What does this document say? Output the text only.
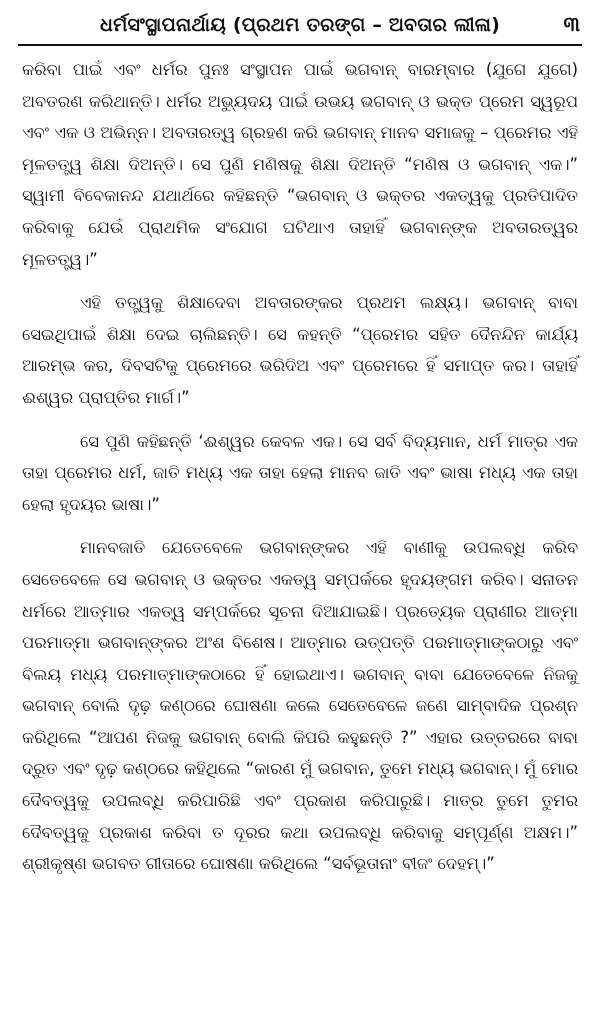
ଧର୍ମସଂସ୍ଥାପନାର୍ଥାୟ (ପ୍ରଥମ ତରଙ୍ଗ – ଅବତାର ଲୀଳା)	୩

କରିବା ପାଇଁ ଏବଂ ଧର୍ମର ପୁନଃ ସଂସ୍ଥାପନ ପାଇଁ ଭଗବାନ୍ ବାରମ୍ବାର (ଯୁଗେ ଯୁଗେ) ଅବତରଣ କରିଥାନ୍ତି। ଧର୍ମର ଅଭ୍ୟୁଦୟ ପାଇଁ ଉଭୟ ଭଗବାନ୍ ଓ ଭକ୍ତ ପ୍ରେମ ସ୍ୱରୂପ ଏବଂ ଏକ ଓ ଅଭିନ୍ନ। ଅବତାରତ୍ୱ ଗ୍ରହଣ କରି ଭଗବାନ୍ ମାନବ ସମାଜକୁ – ପ୍ରେମର ଏହି ମୂଳତତ୍ତ୍ୱ ଶିକ୍ଷା ଦିଅନ୍ତି। ସେ ପୁଣି ମଣିଷକୁ ଶିକ୍ଷା ଦିଅନ୍ତି “ମଣିଷ ଓ ଭଗବାନ୍ ଏକ।” ସ୍ୱାମୀ ବିବେକାନନ୍ଦ ଯଥାର୍ଥରେ କହିଛନ୍ତି “ଭଗବାନ୍ ଓ ଭକ୍ତର ଏକତ୍ୱକୁ ପ୍ରତିପାଦିତ କରିବାକୁ ଯେଉଁ ପ୍ରାଥମିକ ସଂଯୋଗ ଘଟିଥାଏ ତାହାହିଁ ଭଗବାନ୍‌ଙ୍କ ଅବତାରତ୍ୱର ମୂଳତତ୍ତ୍ୱ।”

ଏହି ତତ୍ତ୍ୱକୁ ଶିକ୍ଷାଦେବା ଅବତାରଙ୍କର ପ୍ରଥମ ଲକ୍ଷ୍ୟ। ଭଗବାନ୍ ବାବା ସେଇଥିପାଇଁ ଶିକ୍ଷା ଦେଇ ଚାଲିଛନ୍ତି। ସେ କହନ୍ତି “ପ୍ରେମର ସହିତ ଦୈନନ୍ଦିନ କାର୍ଯ୍ୟ ଆରମ୍ଭ କର, ଦିବସଟିକୁ ପ୍ରେମରେ ଭରିଦିଅ ଏବଂ ପ୍ରେମରେ ହିଁ ସମାପ୍ତ କର। ତାହାହିଁ ଈଶ୍ୱର ପ୍ରାପ୍ତିର ମାର୍ଗ।”

ସେ ପୁଣି କହିଛନ୍ତି ‘ଈଶ୍ୱର କେବଳ ଏକ। ସେ ସର୍ବ ବିଦ୍ୟମାନ, ଧର୍ମ ମାତ୍ର ଏକ ତାହା ପ୍ରେମର ଧର୍ମ, ଜାତି ମଧ୍ୟ ଏକ ତାହା ହେଲା ମାନବ ଜାତି ଏବଂ ଭାଷା ମଧ୍ୟ ଏକ ତାହା ହେଲା ହୃଦୟର ଭାଷା।”

ମାନବଜାତି ଯେତେବେଳେ ଭଗବାନ୍‌ଙ୍କର ଏହି ବାଣୀକୁ ଉପଲବ୍ଧି କରିବ ସେତେବେଳେ ସେ ଭଗବାନ୍ ଓ ଭକ୍ତର ଏକତ୍ୱ ସମ୍ପର୍କରେ ହୃଦୟଙ୍ଗମ କରିବ। ସନାତନ ଧର୍ମରେ ଆତ୍ମାର ଏକତ୍ୱ ସମ୍ପର୍କରେ ସୂଚନା ଦିଆଯାଇଛି। ପ୍ରତ୍ୟେକ ପ୍ରାଣୀର ଆତ୍ମା ପରମାତ୍ମା ଭଗବାନ୍‌ଙ୍କର ଅଂଶ ବିଶେଷ। ଆତ୍ମାର ଉତ୍ପତ୍ତି ପରମାତ୍ମାଙ୍କଠାରୁ ଏବଂ ବିଲୟ ମଧ୍ୟ ପରମାତ୍ମାଙ୍କଠାରେ ହିଁ ହୋଇଥାଏ। ଭଗବାନ୍ ବାବା ଯେତେବେଳେ ନିଜକୁ ଭଗବାନ୍ ବୋଲି ଦୃଢ଼ କଣ୍ଠରେ ଘୋଷଣା କଲେ ସେତେବେଳେ ଜଣେ ସାମ୍ବାଦିକ ପ୍ରଶ୍ନ କରିଥିଲେ “ଆପଣ ନିଜକୁ ଭଗବାନ୍ ବୋଲି କିପରି କହୁଛନ୍ତି ?” ଏହାର ଉତ୍ତରରେ ବାବା ଦ୍ରୁତ ଏବଂ ଦୃଢ଼ କଣ୍ଠରେ କହିଥିଲେ “କାରଣ ମୁଁ ଭଗବାନ, ତୁମେ ମଧ୍ୟ ଭଗବାନ୍। ମୁଁ ମୋର ଦୈବତ୍ୱକୁ ଉପଲବ୍ଧି କରିପାରିଛି ଏବଂ ପ୍ରକାଶ କରିପାରୁଛି। ମାତ୍ର ତୁମେ ତୁମର ଦୈବତ୍ୱକୁ ପ୍ରକାଶ କରିବା ତ ଦୂରର କଥା ଉପଲବ୍ଧି କରିବାକୁ ସମ୍ପୂର୍ଣ୍ଣ ଅକ୍ଷମ।” ଶ୍ରୀକୃଷ୍ଣ ଭଗବତ ଗୀତାରେ ଘୋଷଣା କରିଥିଲେ “ସର୍ବଭୂତାନାଂ ବୀଜଂ ଦେହମ୍।”
